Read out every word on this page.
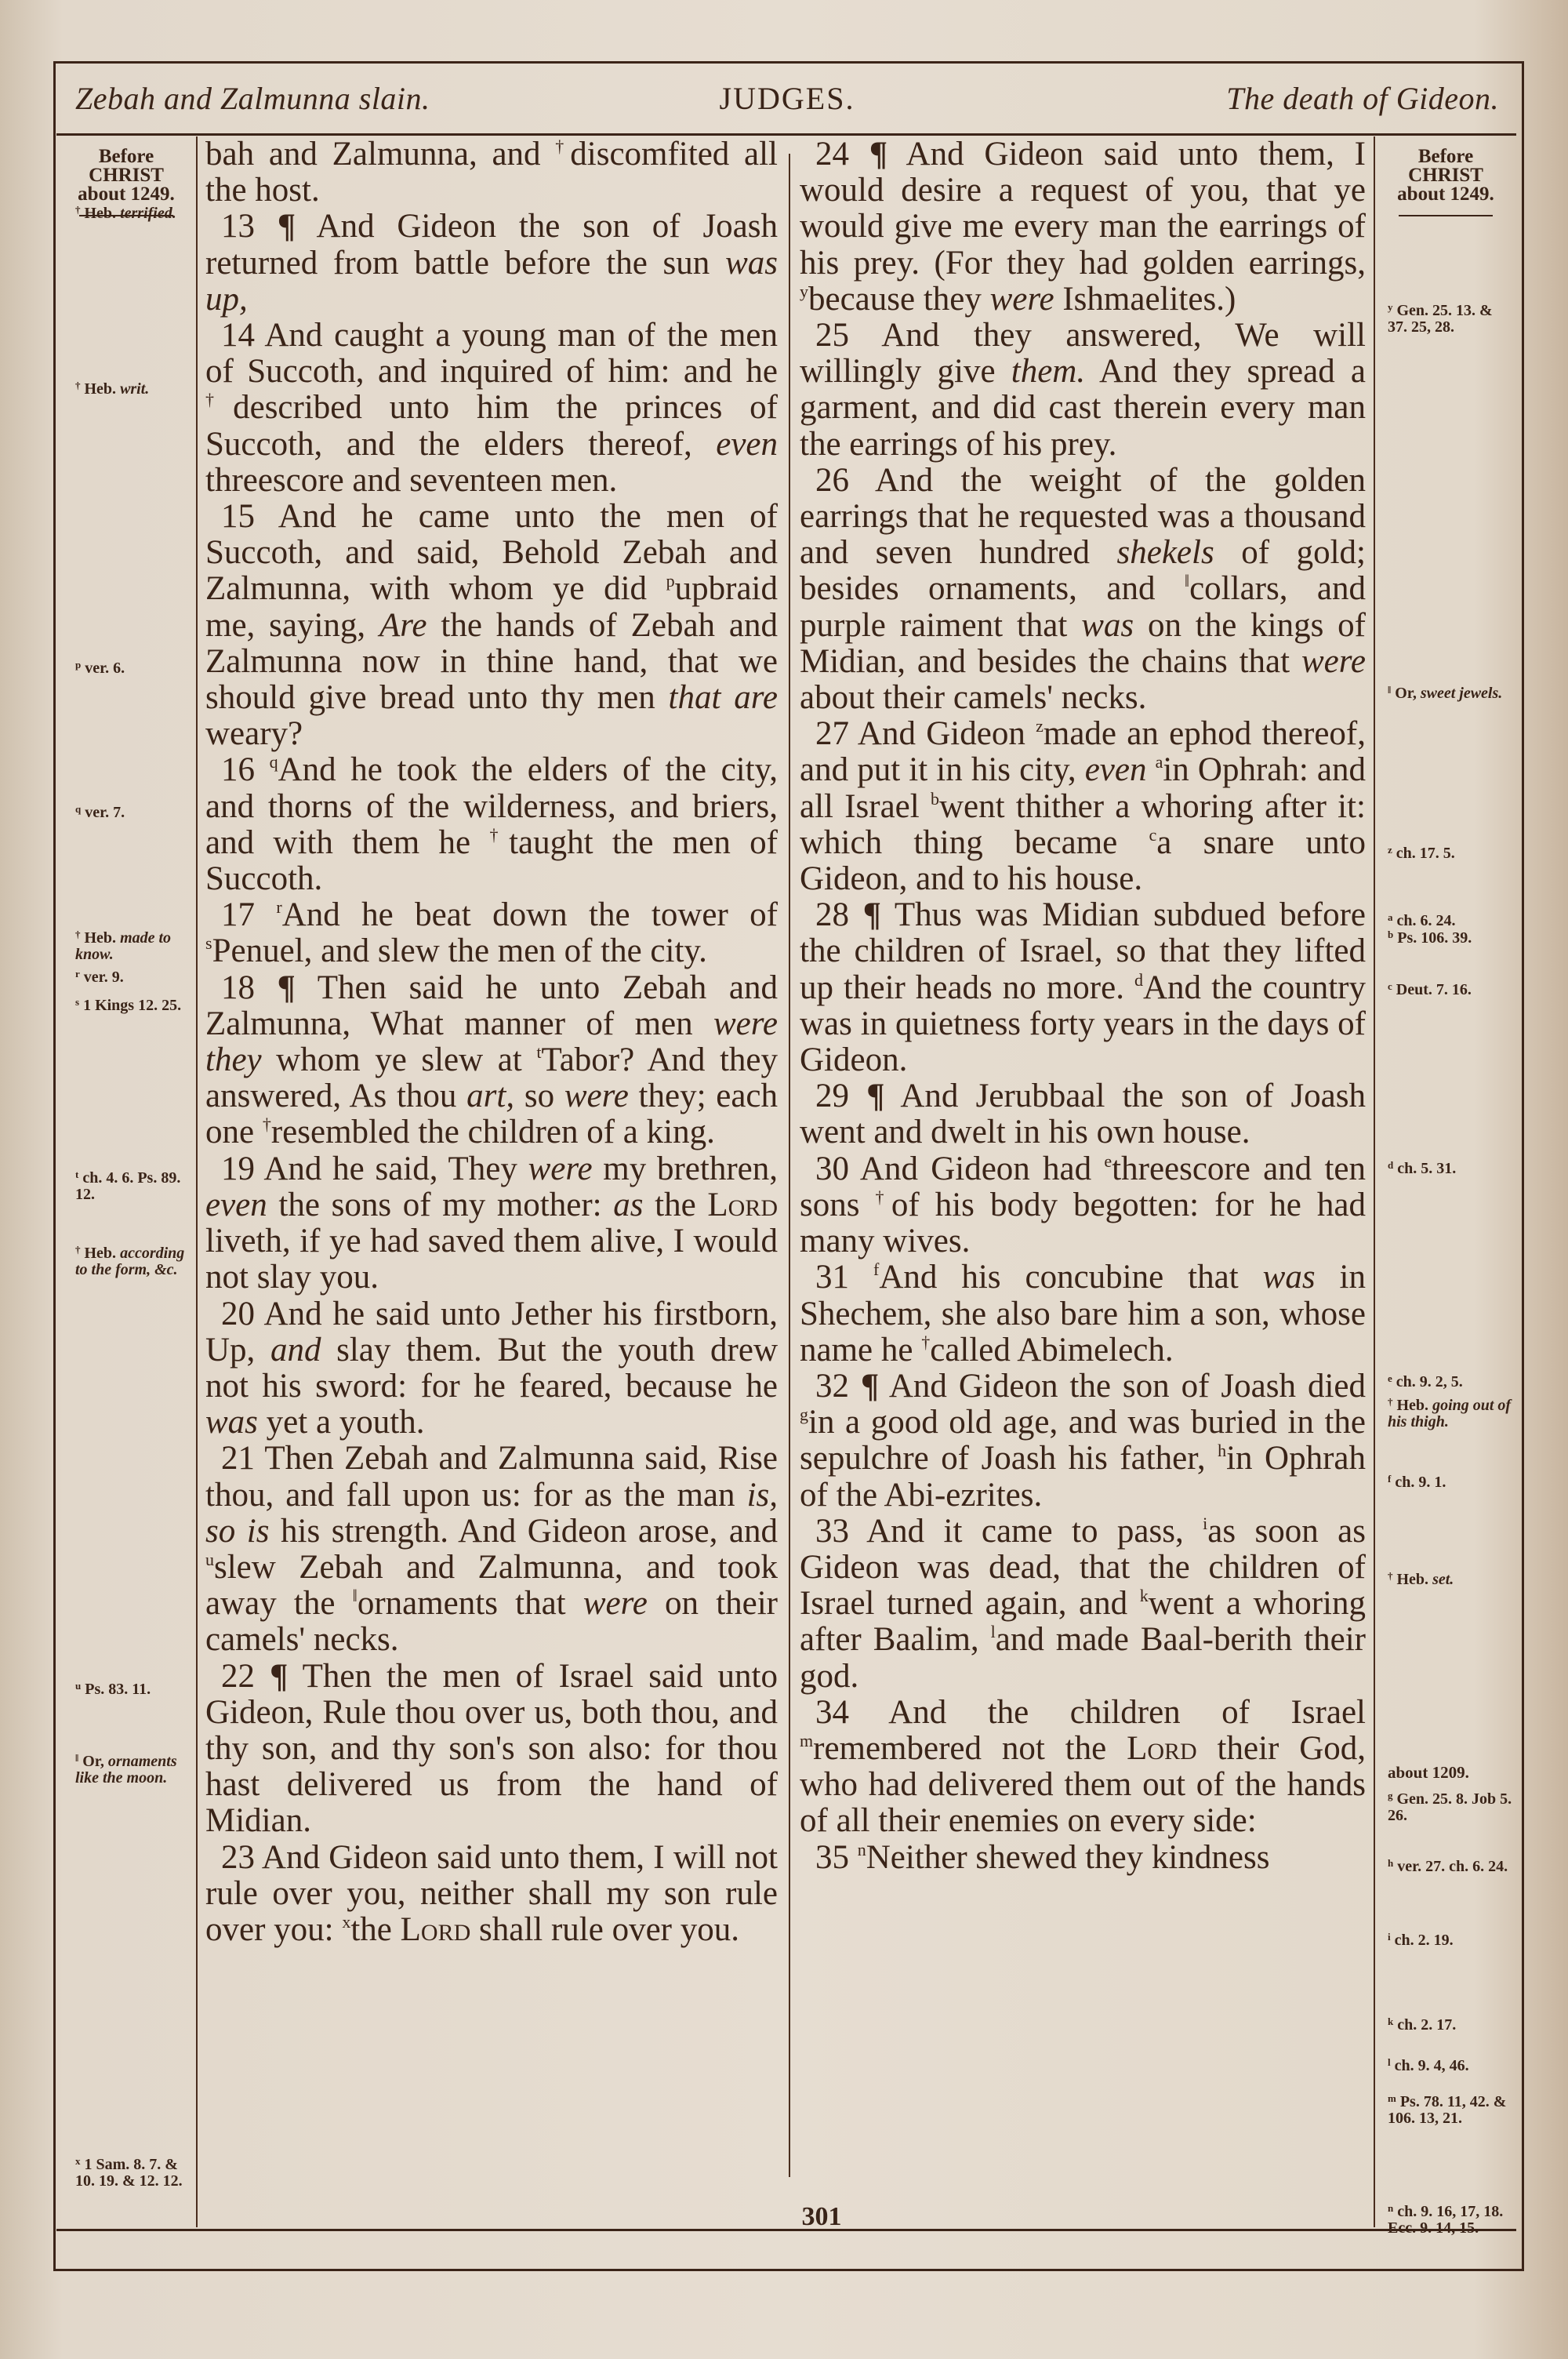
Zebah and Zalmunna slain.	JUDGES.	The death of Gideon.
Before
CHRIST
about 1249.
† Heb. terrified.
† Heb. writ.
$^p$ ver. 6.
$^q$ ver. 7.
† Heb. made to know.
$^r$ ver. 9.
$^s$ 1 Kings 12. 25.
$^t$ ch. 4. 6. Ps. 89. 12.
† Heb. according to the form, &c.
$^u$ Ps. 83. 11.
‖ Or, ornaments like the moon.
$^x$ 1 Sam. 8. 7. & 10. 19. & 12. 12.
bah and Zalmunna, and †discomfited all the host.
13 ¶ And Gideon the son of Joash returned from battle before the sun was up,
14 And caught a young man of the men of Succoth, and inquired of him: and he †described unto him the princes of Succoth, and the elders thereof, even threescore and seventeen men.
15 And he came unto the men of Succoth, and said, Behold Zebah and Zalmunna, with whom ye did $^p$upbraid me, saying, Are the hands of Zebah and Zalmunna now in thine hand, that we should give bread unto thy men that are weary?
16 $^q$And he took the elders of the city, and thorns of the wilderness, and briers, and with them he †taught the men of Succoth.
17 $^r$And he beat down the tower of $^s$Penuel, and slew the men of the city.
18 ¶ Then said he unto Zebah and Zalmunna, What manner of men were they whom ye slew at $^t$Tabor? And they answered, As thou art, so were they; each one †resembled the children of a king.
19 And he said, They were my brethren, even the sons of my mother: as the Lord liveth, if ye had saved them alive, I would not slay you.
20 And he said unto Jether his firstborn, Up, and slay them. But the youth drew not his sword: for he feared, because he was yet a youth.
21 Then Zebah and Zalmunna said, Rise thou, and fall upon us: for as the man is, so is his strength. And Gideon arose, and $^u$slew Zebah and Zalmunna, and took away the ‖ornaments that were on their camels' necks.
22 ¶ Then the men of Israel said unto Gideon, Rule thou over us, both thou, and thy son, and thy son's son also: for thou hast delivered us from the hand of Midian.
23 And Gideon said unto them, I will not rule over you, neither shall my son rule over you: $^x$the Lord shall rule over you.
24 ¶ And Gideon said unto them, I would desire a request of you, that ye would give me every man the earrings of his prey. (For they had golden earrings, $^y$because they were Ishmaelites.)
25 And they answered, We will willingly give them. And they spread a garment, and did cast therein every man the earrings of his prey.
26 And the weight of the golden earrings that he requested was a thousand and seven hundred shekels of gold; besides ornaments, and ‖collars, and purple raiment that was on the kings of Midian, and besides the chains that were about their camels' necks.
27 And Gideon $^z$made an ephod thereof, and put it in his city, even $^a$in Ophrah: and all Israel $^b$went thither a whoring after it: which thing became $^c$a snare unto Gideon, and to his house.
28 ¶ Thus was Midian subdued before the children of Israel, so that they lifted up their heads no more. $^d$And the country was in quietness forty years in the days of Gideon.
29 ¶ And Jerubbaal the son of Joash went and dwelt in his own house.
30 And Gideon had $^e$threescore and ten sons †of his body begotten: for he had many wives.
31 $^f$And his concubine that was in Shechem, she also bare him a son, whose name he †called Abimelech.
32 ¶ And Gideon the son of Joash died $^g$in a good old age, and was buried in the sepulchre of Joash his father, $^h$in Ophrah of the Abi-ezrites.
33 And it came to pass, $^i$as soon as Gideon was dead, that the children of Israel turned again, and $^k$went a whoring after Baalim, $^l$and made Baal-berith their god.
34 And the children of Israel $^m$remembered not the Lord their God, who had delivered them out of the hands of all their enemies on every side:
35 $^n$Neither shewed they kindness
Before
CHRIST
about 1249.
about 1209.
$^y$ Gen. 25. 13. & 37. 25, 28.
‖ Or, sweet jewels.
$^z$ ch. 17. 5.
$^a$ ch. 6. 24.
$^b$ Ps. 106. 39.
$^c$ Deut. 7. 16.
$^d$ ch. 5. 31.
$^e$ ch. 9. 2, 5.
† Heb. going out of his thigh.
$^f$ ch. 9. 1.
† Heb. set.
$^g$ Gen. 25. 8. Job 5. 26.
$^h$ ver. 27. ch. 6. 24.
$^i$ ch. 2. 19.
$^k$ ch. 2. 17.
$^l$ ch. 9. 4, 46.
$^m$ Ps. 78. 11, 42. & 106. 13, 21.
$^n$ ch. 9. 16, 17, 18. Ecc. 9. 14, 15.
301
